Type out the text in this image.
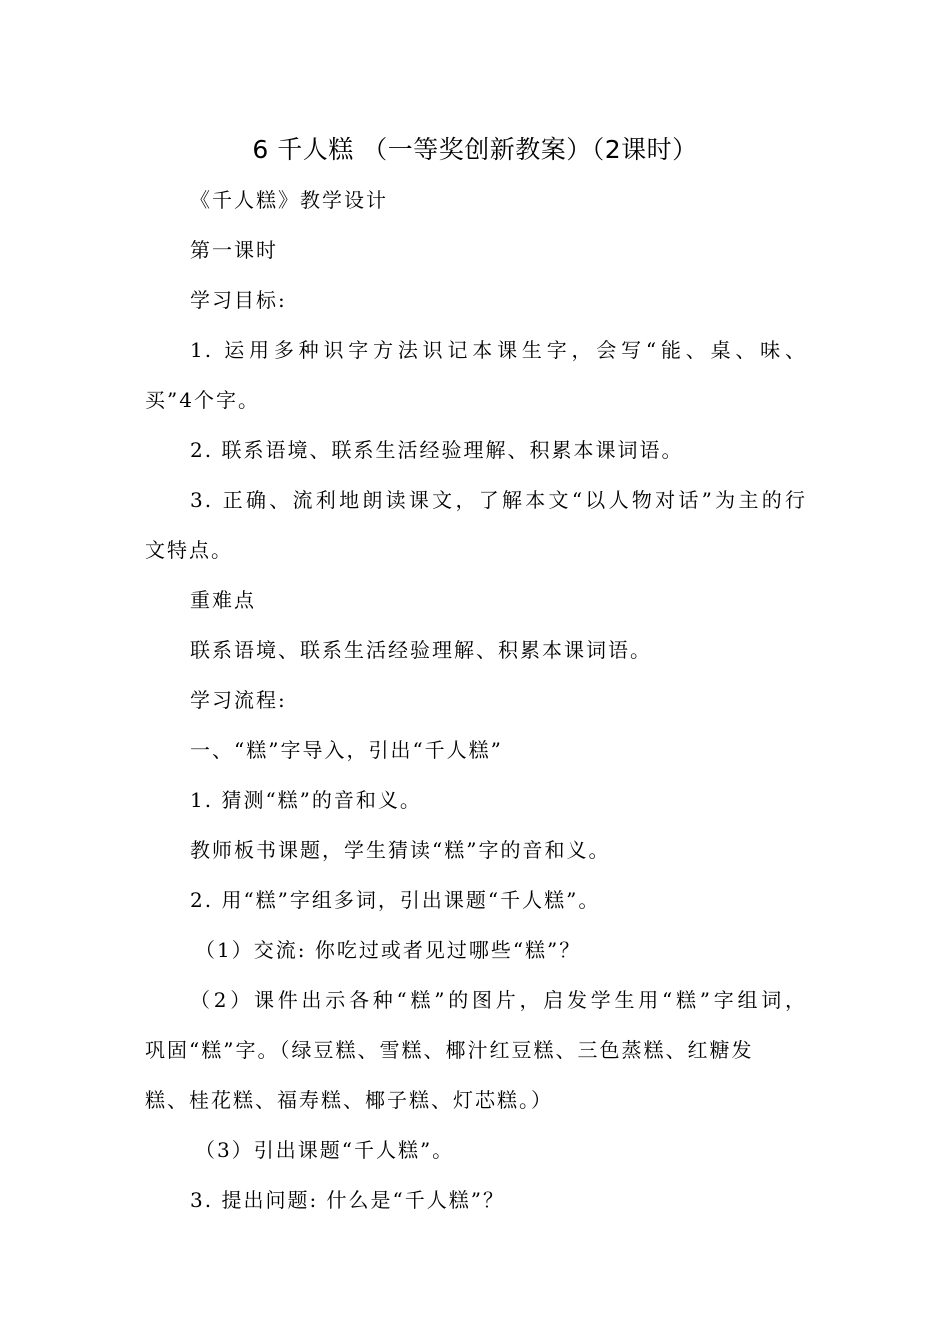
6 千人糕 （一等奖创新教案）（2课时）
《千人糕》教学设计
第一课时
学习目标:
1. 运用多种识字方法识记本课生字，会写“能、桌、味、
买”4个字。
2. 联系语境、联系生活经验理解、积累本课词语。
3. 正确、流利地朗读课文，了解本文“以人物对话”为主的行
文特点。
重难点
联系语境、联系生活经验理解、积累本课词语。
学习流程:
一、“糕”字导入，引出“千人糕”
1. 猜测“糕”的音和义。
教师板书课题，学生猜读“糕”字的音和义。
2. 用“糕”字组多词，引出课题“千人糕”。
（1）交流: 你吃过或者见过哪些“糕”？
（2）课件出示各种“糕”的图片，启发学生用“糕”字组词，
巩固“糕”字。（绿豆糕、雪糕、椰汁红豆糕、三色蒸糕、红糖发
糕、桂花糕、福寿糕、椰子糕、灯芯糕。）
（3）引出课题“千人糕”。
3. 提出问题: 什么是“千人糕”？
